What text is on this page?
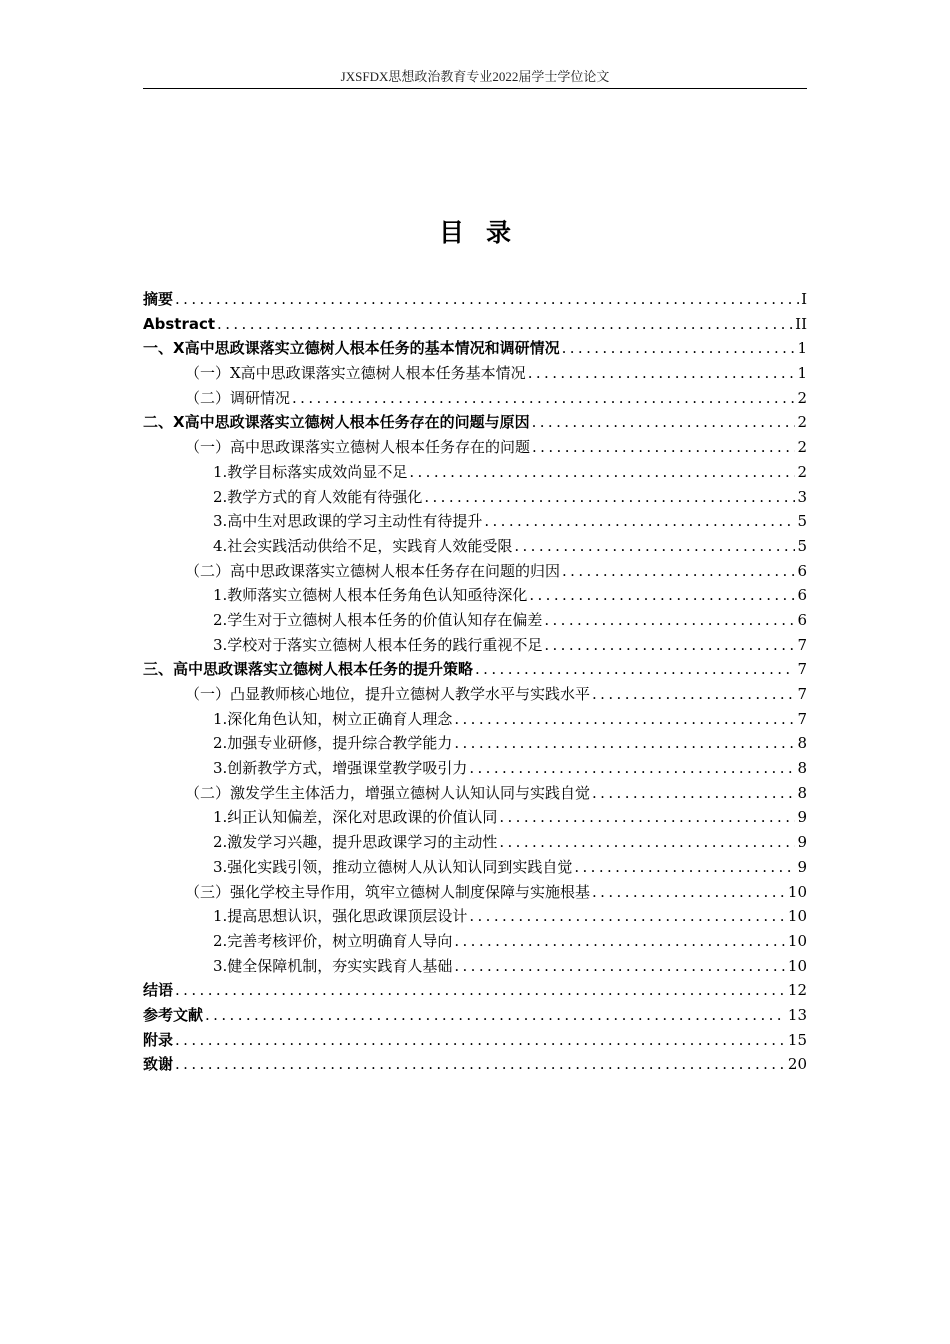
JXSFDX思想政治教育专业2022届学士学位论文
目录
摘要 .....	I
Abstract .....	II
一、X高中思政课落实立德树人根本任务的基本情况和调研情况 .....	1
（一）X高中思政课落实立德树人根本任务基本情况 .....	1
（二）调研情况 .....	2
二、X高中思政课落实立德树人根本任务存在的问题与原因 .....	2
（一）高中思政课落实立德树人根本任务存在的问题 .....	2
1.教学目标落实成效尚显不足 .....	2
2.教学方式的育人效能有待强化 .....	3
3.高中生对思政课的学习主动性有待提升 .....	5
4.社会实践活动供给不足，实践育人效能受限 .....	5
（二）高中思政课落实立德树人根本任务存在问题的归因 .....	6
1.教师落实立德树人根本任务角色认知亟待深化 .....	6
2.学生对于立德树人根本任务的价值认知存在偏差 .....	6
3.学校对于落实立德树人根本任务的践行重视不足 .....	7
三、高中思政课落实立德树人根本任务的提升策略 .....	7
（一）凸显教师核心地位，提升立德树人教学水平与实践水平 .....	7
1.深化角色认知，树立正确育人理念 .....	7
2.加强专业研修，提升综合教学能力 .....	8
3.创新教学方式，增强课堂教学吸引力 .....	8
（二）激发学生主体活力，增强立德树人认知认同与实践自觉 .....	8
1.纠正认知偏差，深化对思政课的价值认同 .....	9
2.激发学习兴趣，提升思政课学习的主动性 .....	9
3.强化实践引领，推动立德树人从认知认同到实践自觉 .....	9
（三）强化学校主导作用，筑牢立德树人制度保障与实施根基 .....	10
1.提高思想认识，强化思政课顶层设计 .....	10
2.完善考核评价，树立明确育人导向 .....	10
3.健全保障机制，夯实实践育人基础 .....	10
结语 .....	12
参考文献 .....	13
附录 .....	15
致谢 .....	20
